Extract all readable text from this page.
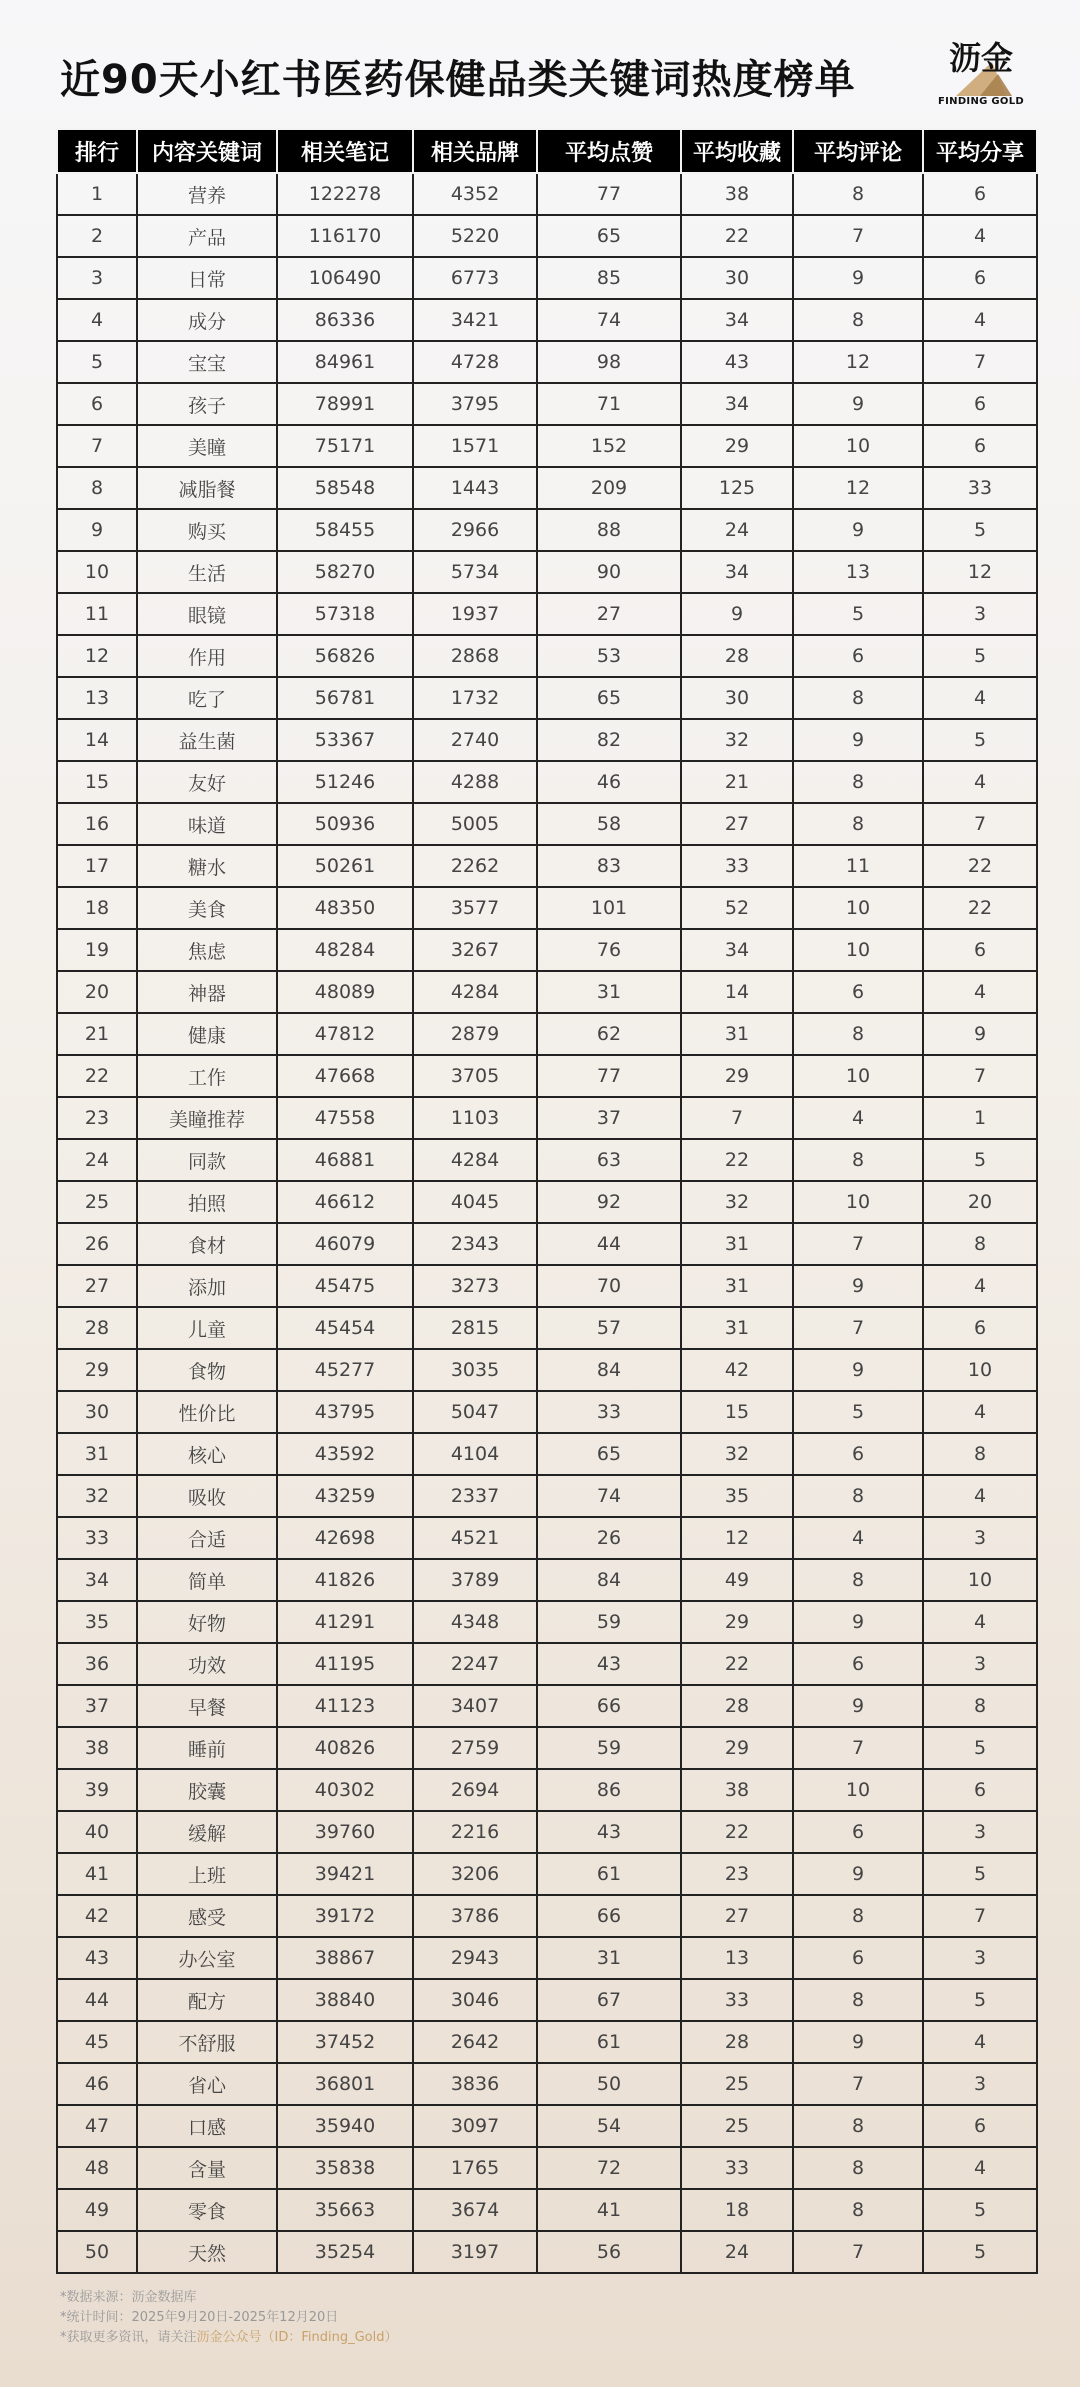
近90天小红书医药保健品类关键词热度榜单	沥金
FINDING GOLD
排行	内容关键词	相关笔记	相关品牌	平均点赞	平均收藏	平均评论	平均分享
1	营养	122278	4352	77	38	8	6
2	产品	116170	5220	65	22	7	4
3	日常	106490	6773	85	30	9	6
4	成分	86336	3421	74	34	8	4
5	宝宝	84961	4728	98	43	12	7
6	孩子	78991	3795	71	34	9	6
7	美瞳	75171	1571	152	29	10	6
8	减脂餐	58548	1443	209	125	12	33
9	购买	58455	2966	88	24	9	5
10	生活	58270	5734	90	34	13	12
11	眼镜	57318	1937	27	9	5	3
12	作用	56826	2868	53	28	6	5
13	吃了	56781	1732	65	30	8	4
14	益生菌	53367	2740	82	32	9	5
15	友好	51246	4288	46	21	8	4
16	味道	50936	5005	58	27	8	7
17	糖水	50261	2262	83	33	11	22
18	美食	48350	3577	101	52	10	22
19	焦虑	48284	3267	76	34	10	6
20	神器	48089	4284	31	14	6	4
21	健康	47812	2879	62	31	8	9
22	工作	47668	3705	77	29	10	7
23	美瞳推荐	47558	1103	37	7	4	1
24	同款	46881	4284	63	22	8	5
25	拍照	46612	4045	92	32	10	20
26	食材	46079	2343	44	31	7	8
27	添加	45475	3273	70	31	9	4
28	儿童	45454	2815	57	31	7	6
29	食物	45277	3035	84	42	9	10
30	性价比	43795	5047	33	15	5	4
31	核心	43592	4104	65	32	6	8
32	吸收	43259	2337	74	35	8	4
33	合适	42698	4521	26	12	4	3
34	简单	41826	3789	84	49	8	10
35	好物	41291	4348	59	29	9	4
36	功效	41195	2247	43	22	6	3
37	早餐	41123	3407	66	28	9	8
38	睡前	40826	2759	59	29	7	5
39	胶囊	40302	2694	86	38	10	6
40	缓解	39760	2216	43	22	6	3
41	上班	39421	3206	61	23	9	5
42	感受	39172	3786	66	27	8	7
43	办公室	38867	2943	31	13	6	3
44	配方	38840	3046	67	33	8	5
45	不舒服	37452	2642	61	28	9	4
46	省心	36801	3836	50	25	7	3
47	口感	35940	3097	54	25	8	6
48	含量	35838	1765	72	33	8	4
49	零食	35663	3674	41	18	8	5
50	天然	35254	3197	56	24	7	5
*数据来源：沥金数据库
*统计时间：2025年9月20日-2025年12月20日
*获取更多资讯，请关注沥金公众号（ID：Finding_Gold）
